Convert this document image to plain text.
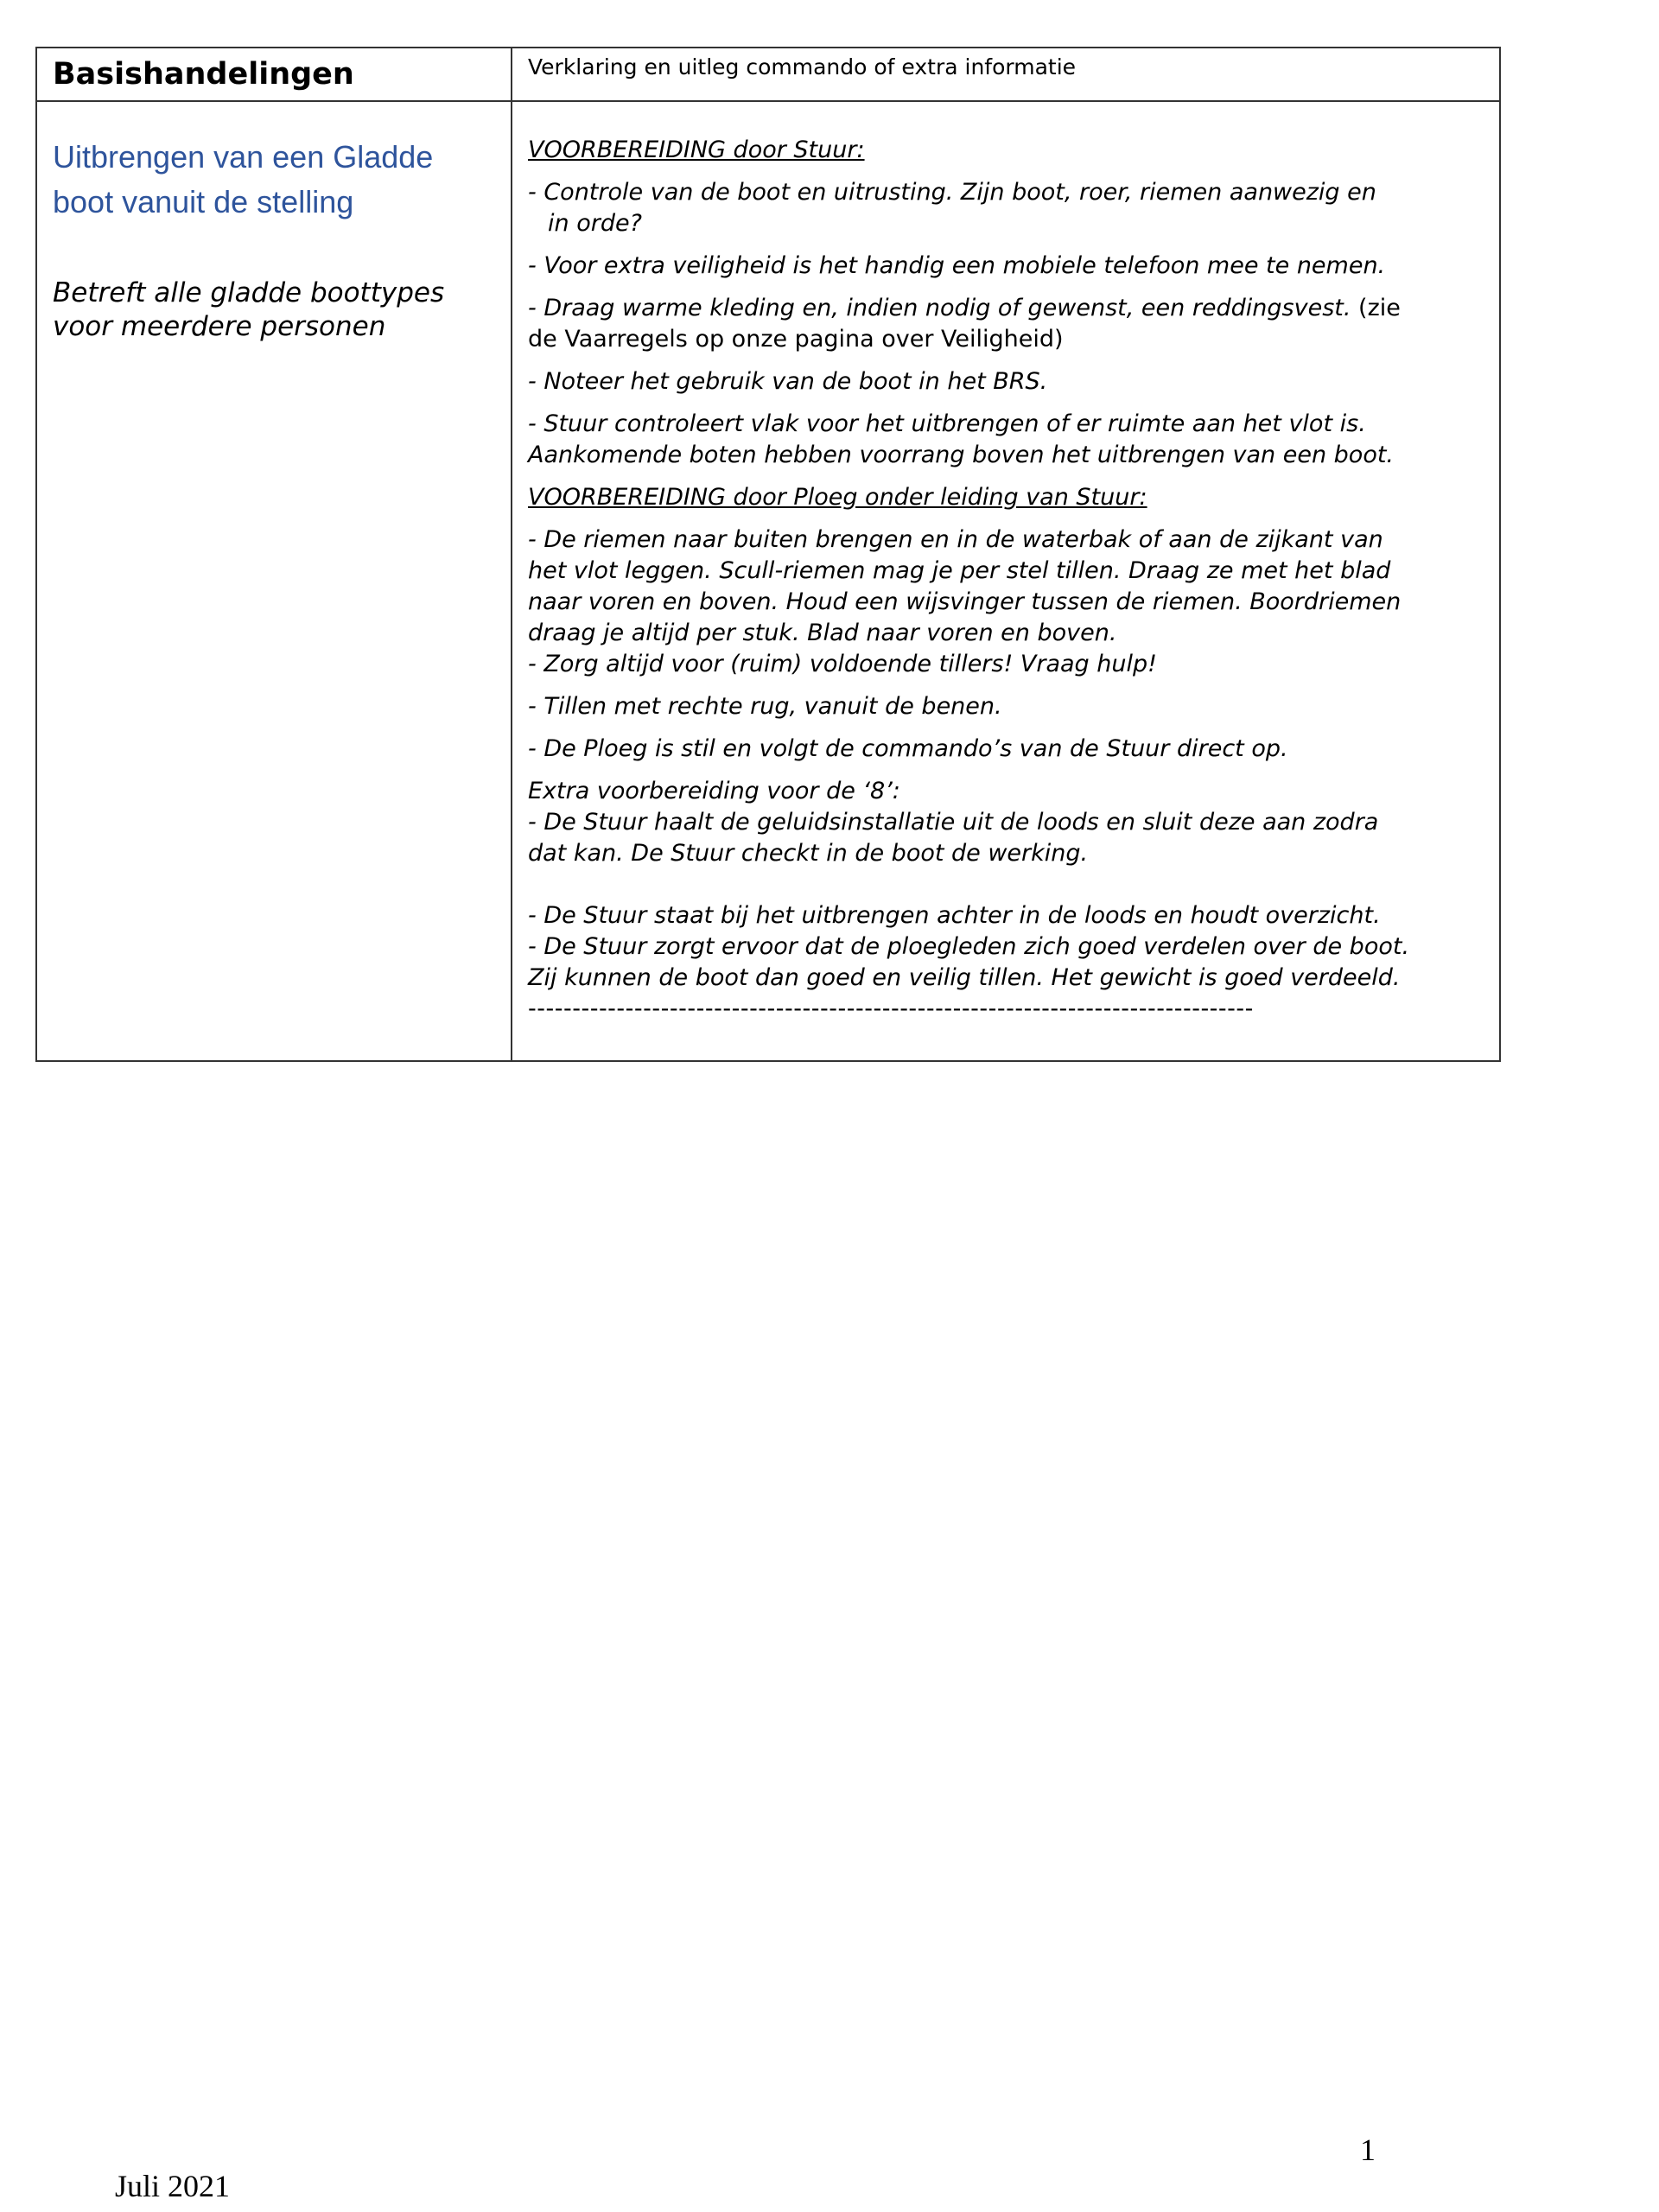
Basishandelingen	Verklaring en uitleg commando of extra informatie

Uitbrengen van een Gladde
boot vanuit de stelling

Betreft alle gladde boottypes
voor meerdere personen

VOORBEREIDING door Stuur:

- Controle van de boot en uitrusting. Zijn boot, roer, riemen aanwezig en
in orde?

- Voor extra veiligheid is het handig een mobiele telefoon mee te nemen.

- Draag warme kleding en, indien nodig of gewenst, een reddingsvest. (zie
de Vaarregels op onze pagina over Veiligheid)

- Noteer het gebruik van de boot in het BRS.

- Stuur controleert vlak voor het uitbrengen of er ruimte aan het vlot is.
Aankomende boten hebben voorrang boven het uitbrengen van een boot.

VOORBEREIDING door Ploeg onder leiding van Stuur:

- De riemen naar buiten brengen en in de waterbak of aan de zijkant van
het vlot leggen. Scull-riemen mag je per stel tillen. Draag ze met het blad
naar voren en boven. Houd een wijsvinger tussen de riemen. Boordriemen
draag je altijd per stuk. Blad naar voren en boven.
- Zorg altijd voor (ruim) voldoende tillers! Vraag hulp!

- Tillen met rechte rug, vanuit de benen.

- De Ploeg is stil en volgt de commando’s van de Stuur direct op.

Extra voorbereiding voor de ‘8’:
- De Stuur haalt de geluidsinstallatie uit de loods en sluit deze aan zodra
dat kan. De Stuur checkt in de boot de werking.

- De Stuur staat bij het uitbrengen achter in de loods en houdt overzicht.
- De Stuur zorgt ervoor dat de ploegleden zich goed verdelen over de boot.
Zij kunnen de boot dan goed en veilig tillen. Het gewicht is goed verdeeld.

----------------------------------------------------------------------------------
1
Juli 2021
